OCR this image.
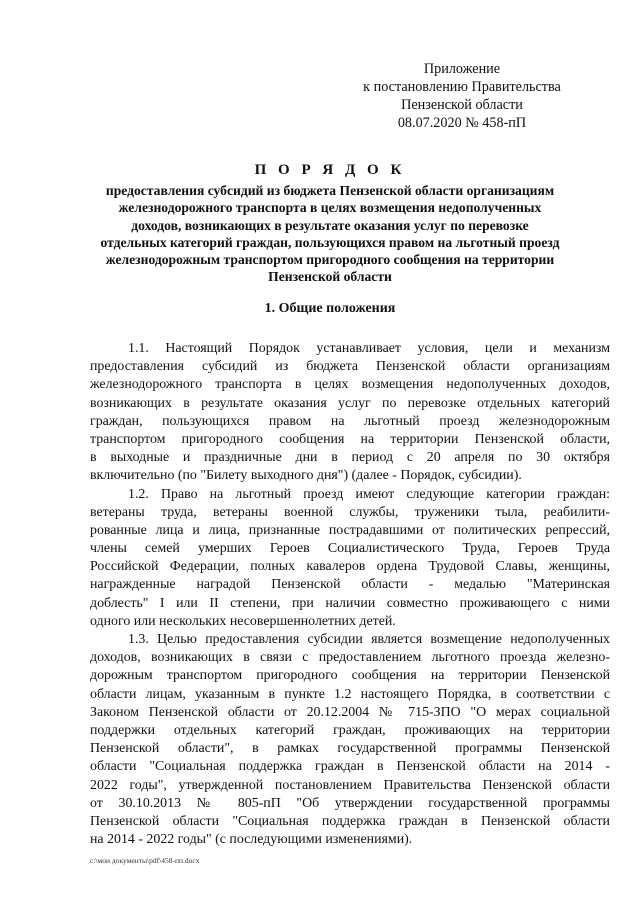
Приложение
к постановлению Правительства
Пензенской области
08.07.2020 № 458-пП
П О Р Я Д О К
предоставления субсидий из бюджета Пензенской области организациям
железнодорожного транспорта в целях возмещения недополученных
доходов, возникающих в результате оказания услуг по перевозке
отдельных категорий граждан, пользующихся правом на льготный проезд
железнодорожным транспортом пригородного сообщения на территории
Пензенской области
1. Общие положения
1.1. Настоящий Порядок устанавливает условия, цели и механизм
предоставления субсидий из бюджета Пензенской области организациям
железнодорожного транспорта в целях возмещения недополученных доходов,
возникающих в результате оказания услуг по перевозке отдельных категорий
граждан, пользующихся правом на льготный проезд железнодорожным
транспортом пригородного сообщения на территории Пензенской области,
в выходные и праздничные дни в период с 20 апреля по 30 октября
включительно (по "Билету выходного дня") (далее - Порядок, субсидии).
1.2. Право на льготный проезд имеют следующие категории граждан:
ветераны труда, ветераны военной службы, труженики тыла, реабилити-
рованные лица и лица, признанные пострадавшими от политических репрессий,
члены семей умерших Героев Социалистического Труда, Героев Труда
Российской Федерации, полных кавалеров ордена Трудовой Славы, женщины,
награжденные наградой Пензенской области - медалью "Материнская
доблесть" I или II степени, при наличии совместно проживающего с ними
одного или нескольких несовершеннолетних детей.
1.3. Целью предоставления субсидии является возмещение недополученных
доходов, возникающих в связи с предоставлением льготного проезда железно-
дорожным транспортом пригородного сообщения на территории Пензенской
области лицам, указанным в пункте 1.2 настоящего Порядка, в соответствии с
Законом Пензенской области от 20.12.2004 № 715-ЗПО "О мерах социальной
поддержки отдельных категорий граждан, проживающих на территории
Пензенской области", в рамках государственной программы Пензенской
области "Социальная поддержка граждан в Пензенской области на 2014 -
2022 годы", утвержденной постановлением Правительства Пензенской области
от 30.10.2013 № 805-пП "Об утверждении государственной программы
Пензенской области "Социальная поддержка граждан в Пензенской области
на 2014 - 2022 годы" (с последующими изменениями).
c:\мои документы\pdf\458-пп.docx
